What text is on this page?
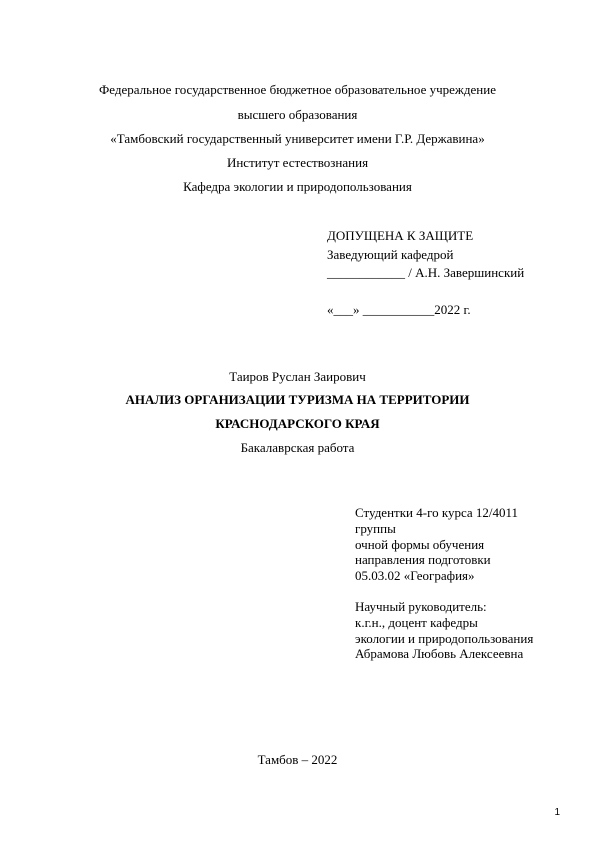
Федеральное государственное бюджетное образовательное учреждение
высшего образования
«Тамбовский государственный университет имени Г.Р. Державина»
Институт естествознания
Кафедра экологии и природопользования
ДОПУЩЕНА К ЗАЩИТЕ
Заведующий кафедрой
____________ / А.Н. Завершинский
«___» ___________2022 г.
Таиров Руслан Заирович
АНАЛИЗ ОРГАНИЗАЦИИ ТУРИЗМА НА ТЕРРИТОРИИ
КРАСНОДАРСКОГО КРАЯ
Бакалаврская работа
Студентки 4-го курса 12/4011
группы
очной формы обучения
направления подготовки
05.03.02 «География»
Научный руководитель:
к.г.н., доцент кафедры
экологии и природопользования
Абрамова Любовь Алексеевна
Тамбов – 2022
1
